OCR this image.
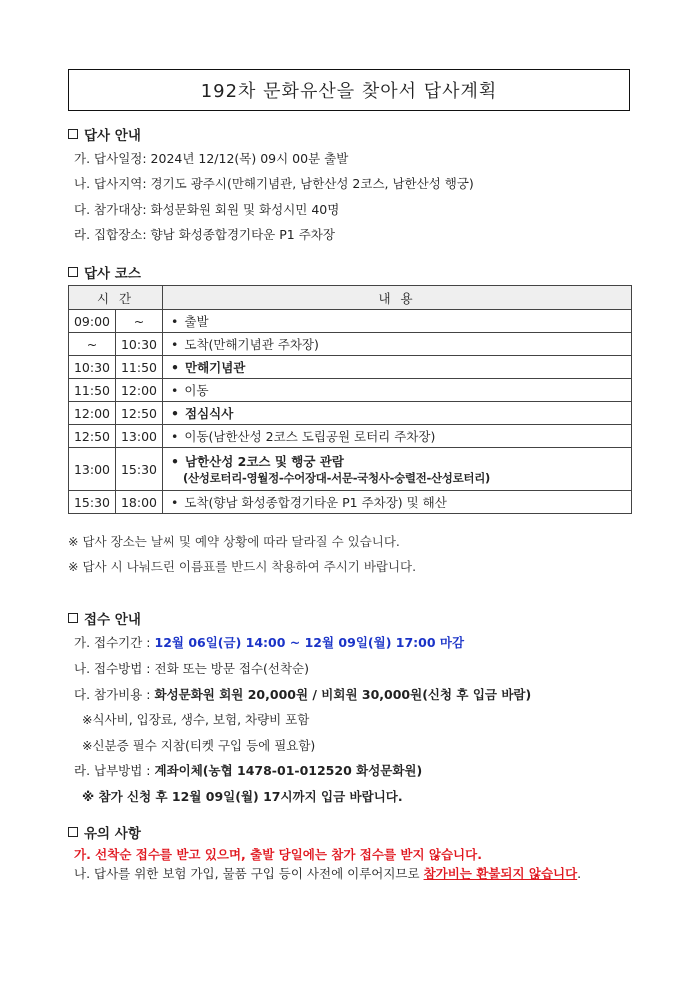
192차 문화유산을 찾아서 답사계획
답사 안내
가. 답사일정: 2024년 12/12(목) 09시 00분 출발
나. 답사지역: 경기도 광주시(만해기념관, 남한산성 2코스, 남한산성 행궁)
다. 참가대상: 화성문화원 회원 및 화성시민 40명
라. 집합장소: 향남 화성종합경기타운 P1 주차장
답사 코스
시 간		내 용
09:00	~	• 출발
~	10:30	• 도착(만해기념관 주차장)
10:30	11:50	• 만해기념관
11:50	12:00	• 이동
12:00	12:50	• 점심식사
12:50	13:00	• 이동(남한산성 2코스 도립공원 로터리 주차장)
13:00	15:30	• 남한산성 2코스 및 행궁 관람
(산성로터리-영월정-수어장대-서문-국청사-숭렬전-산성로터리)

15:30	18:00	• 도착(향남 화성종합경기타운 P1 주차장) 및 해산
※ 답사 장소는 날씨 및 예약 상황에 따라 달라질 수 있습니다.
※ 답사 시 나눠드린 이름표를 반드시 착용하여 주시기 바랍니다.
접수 안내
가. 접수기간 : 12월 06일(금) 14:00 ~ 12월 09일(월) 17:00 마감
나. 접수방법 : 전화 또는 방문 접수(선착순)
다. 참가비용 : 화성문화원 회원 20,000원 / 비회원 30,000원(신청 후 입금 바람)
※식사비, 입장료, 생수, 보험, 차량비 포함
※신분증 필수 지참(티켓 구입 등에 필요함)
라. 납부방법 : 계좌이체(농협 1478-01-012520 화성문화원)
※ 참가 신청 후 12월 09일(월) 17시까지 입금 바랍니다.
유의 사항
가. 선착순 접수를 받고 있으며, 출발 당일에는 참가 접수를 받지 않습니다.
나. 답사를 위한 보험 가입, 물품 구입 등이 사전에 이루어지므로 참가비는 환불되지 않습니다.
